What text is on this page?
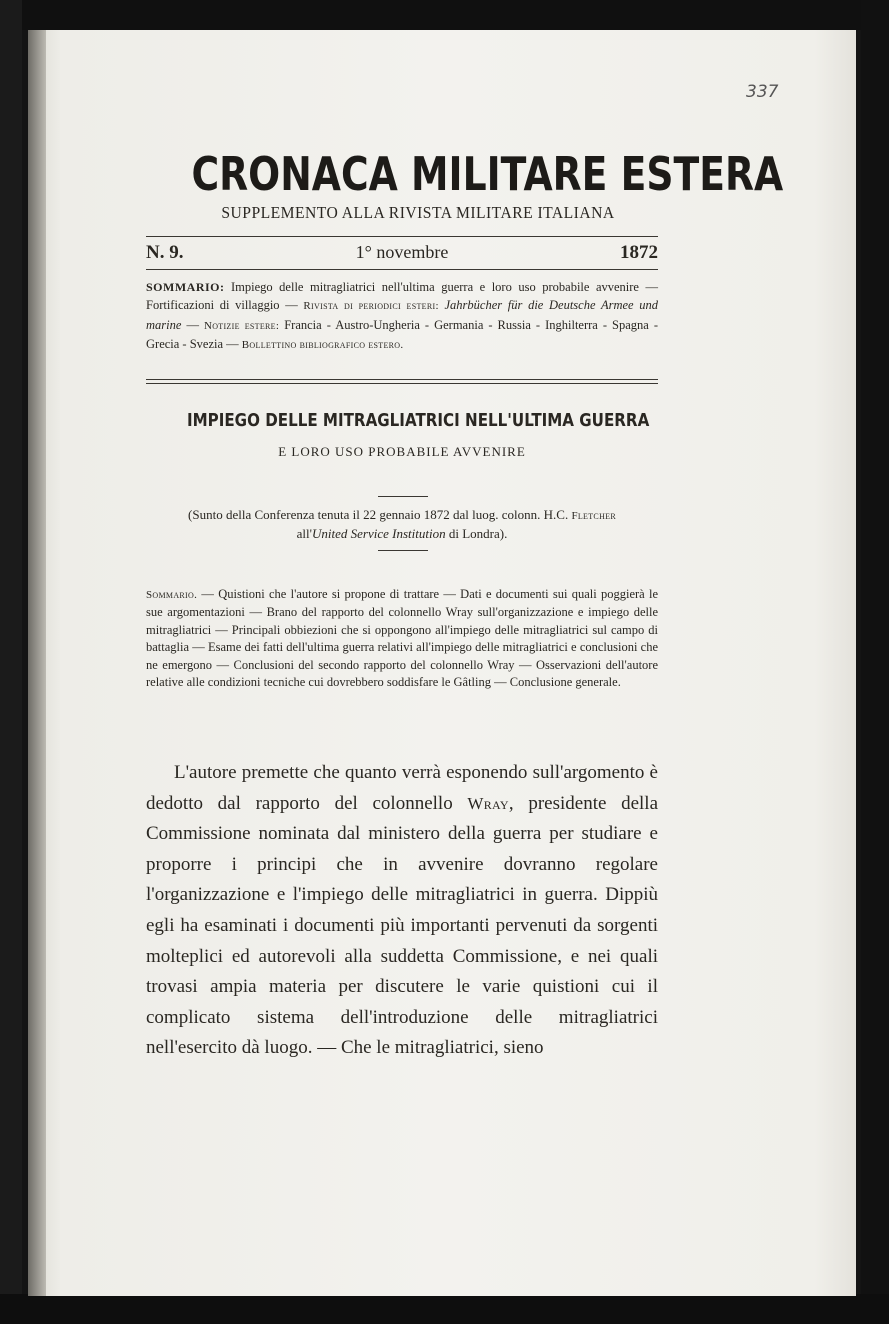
337
CRONACA MILITARE ESTERA
SUPPLEMENTO ALLA RIVISTA MILITARE ITALIANA
N. 9.	1° novembre	1872
SOMMARIO: Impiego delle mitragliatrici nell'ultima guerra e loro uso probabile avvenire — Fortificazioni di villaggio — Rivista di periodici esteri: Jahrbücher für die Deutsche Armee und marine — Notizie estere: Francia - Austro-Ungheria - Germania - Russia - Inghilterra - Spagna - Grecia - Svezia — Bollettino bibliografico estero.
IMPIEGO DELLE MITRAGLIATRICI NELL'ULTIMA GUERRA
E LORO USO PROBABILE AVVENIRE
(Sunto della Conferenza tenuta il 22 gennaio 1872 dal luog. colonn. H.C. Fletcher
all'United Service Institution di Londra).
Sommario. — Quistioni che l'autore si propone di trattare — Dati e documenti sui quali poggierà le sue argomentazioni — Brano del rapporto del colonnello Wray sull'organizzazione e impiego delle mitragliatrici — Principali obbiezioni che si oppongono all'impiego delle mitragliatrici sul campo di battaglia — Esame dei fatti dell'ultima guerra relativi all'impiego delle mitragliatrici e conclusioni che ne emergono — Conclusioni del secondo rapporto del colonnello Wray — Osservazioni dell'autore relative alle condizioni tecniche cui dovrebbero soddisfare le Gâtling — Conclusione generale.
L'autore premette che quanto verrà esponendo sull'argomento è dedotto dal rapporto del colonnello Wray, presidente della Commissione nominata dal ministero della guerra per studiare e proporre i principi che in avvenire dovranno regolare l'organizzazione e l'impiego delle mitragliatrici in guerra. Dippiù egli ha esaminati i documenti più importanti pervenuti da sorgenti molteplici ed autorevoli alla suddetta Commissione, e nei quali trovasi ampia materia per discutere le varie quistioni cui il complicato sistema dell'introduzione delle mitragliatrici nell'esercito dà luogo. — Che le mitragliatrici, sieno
